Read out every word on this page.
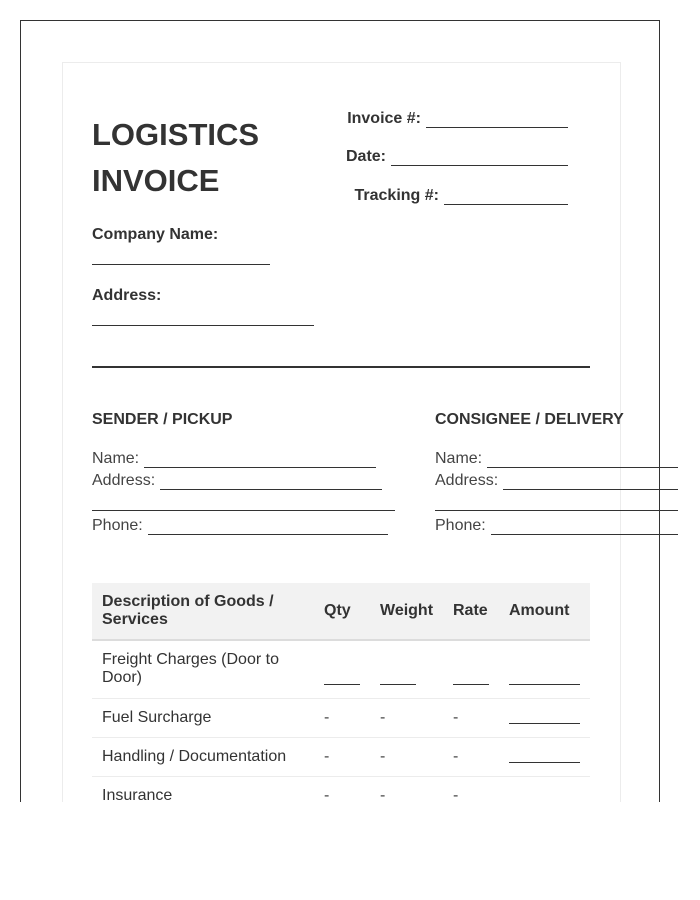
LOGISTICS
INVOICE
Invoice #:
Date:
Tracking #:
Company Name:
Address:
SENDER / PICKUP
Name:
Address:
Phone:
CONSIGNEE / DELIVERY
Name:
Address:
Phone:
Description of Goods / Services	Qty	Weight	Rate	Amount
Freight Charges (Door to Door)				
Fuel Surcharge	-	-	-	
Handling / Documentation	-	-	-	
Insurance	-	-	-	
